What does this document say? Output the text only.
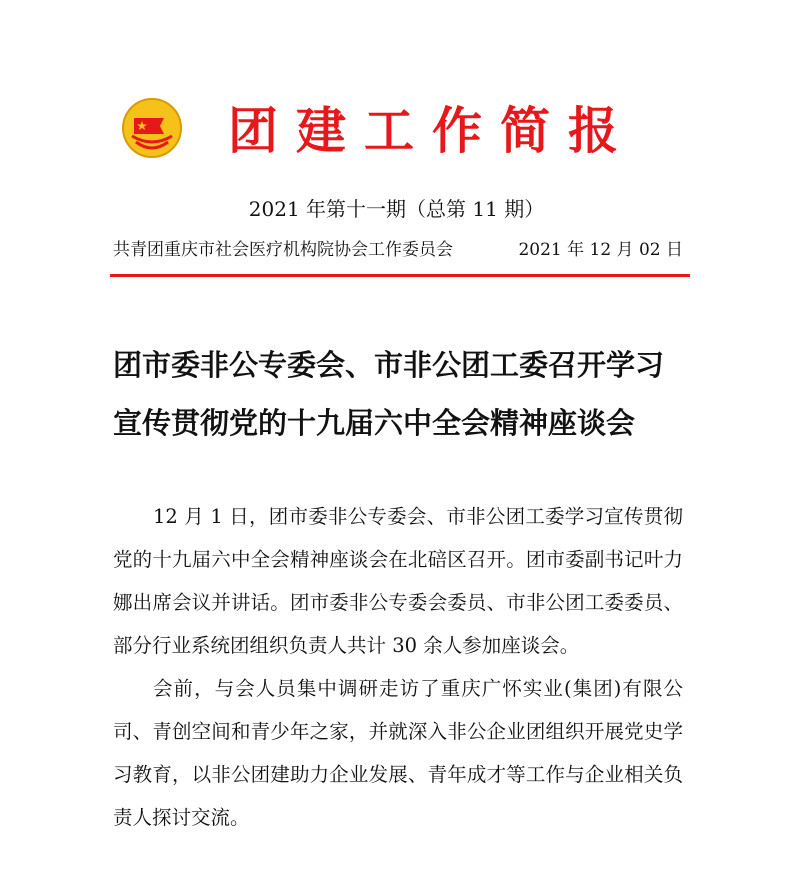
团建工作简报
2021 年第十一期（总第 11 期）
共青团重庆市社会医疗机构院协会工作委员会	2021 年 12 月 02 日
团市委非公专委会、市非公团工委召开学习
宣传贯彻党的十九届六中全会精神座谈会

12 月 1 日，团市委非公专委会、市非公团工委学习宣传贯彻党的十九届六中全会精神座谈会在北碚区召开。团市委副书记叶力娜出席会议并讲话。团市委非公专委会委员、市非公团工委委员、部分行业系统团组织负责人共计 30 余人参加座谈会。

会前，与会人员集中调研走访了重庆广怀实业(集团)有限公司、青创空间和青少年之家，并就深入非公企业团组织开展党史学习教育，以非公团建助力企业发展、青年成才等工作与企业相关负责人探讨交流。
